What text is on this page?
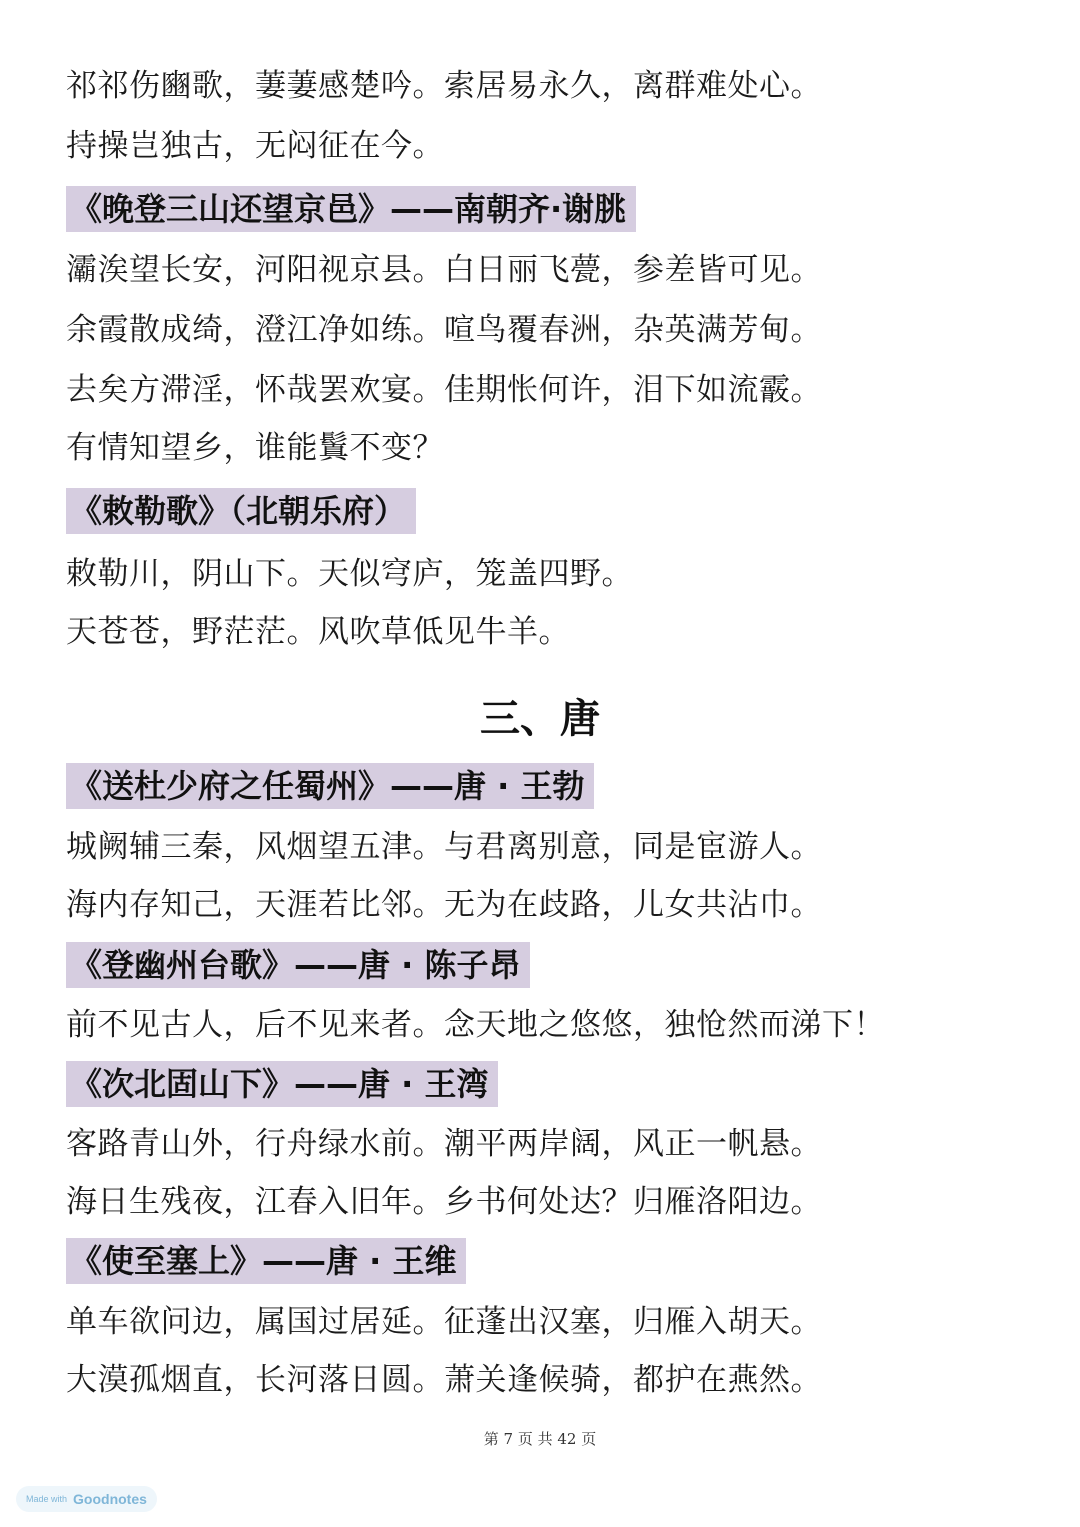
祁祁伤豳歌，萋萋感楚吟。索居易永久，离群难处心。
持操岂独古，无闷征在今。
《晚登三山还望京邑》——南朝齐·谢朓
灞涘望长安，河阳视京县。白日丽飞甍，参差皆可见。
余霞散成绮，澄江净如练。喧鸟覆春洲，杂英满芳甸。
去矣方滞淫，怀哉罢欢宴。佳期怅何许，泪下如流霰。
有情知望乡，谁能鬒不变？
《敕勒歌》（北朝乐府）
敕勒川，阴山下。天似穹庐，笼盖四野。
天苍苍，野茫茫。风吹草低见牛羊。
三、唐
《送杜少府之任蜀州》——唐 · 王勃
城阙辅三秦，风烟望五津。与君离别意，同是宦游人。
海内存知己，天涯若比邻。无为在歧路，儿女共沾巾。
《登幽州台歌》——唐 · 陈子昂
前不见古人，后不见来者。念天地之悠悠，独怆然而涕下！
《次北固山下》——唐 · 王湾
客路青山外，行舟绿水前。潮平两岸阔，风正一帆悬。
海日生残夜，江春入旧年。乡书何处达？归雁洛阳边。
《使至塞上》——唐 · 王维
单车欲问边，属国过居延。征蓬出汉塞，归雁入胡天。
大漠孤烟直，长河落日圆。萧关逢候骑，都护在燕然。
第 7 页 共 42 页
Made with Goodnotes
